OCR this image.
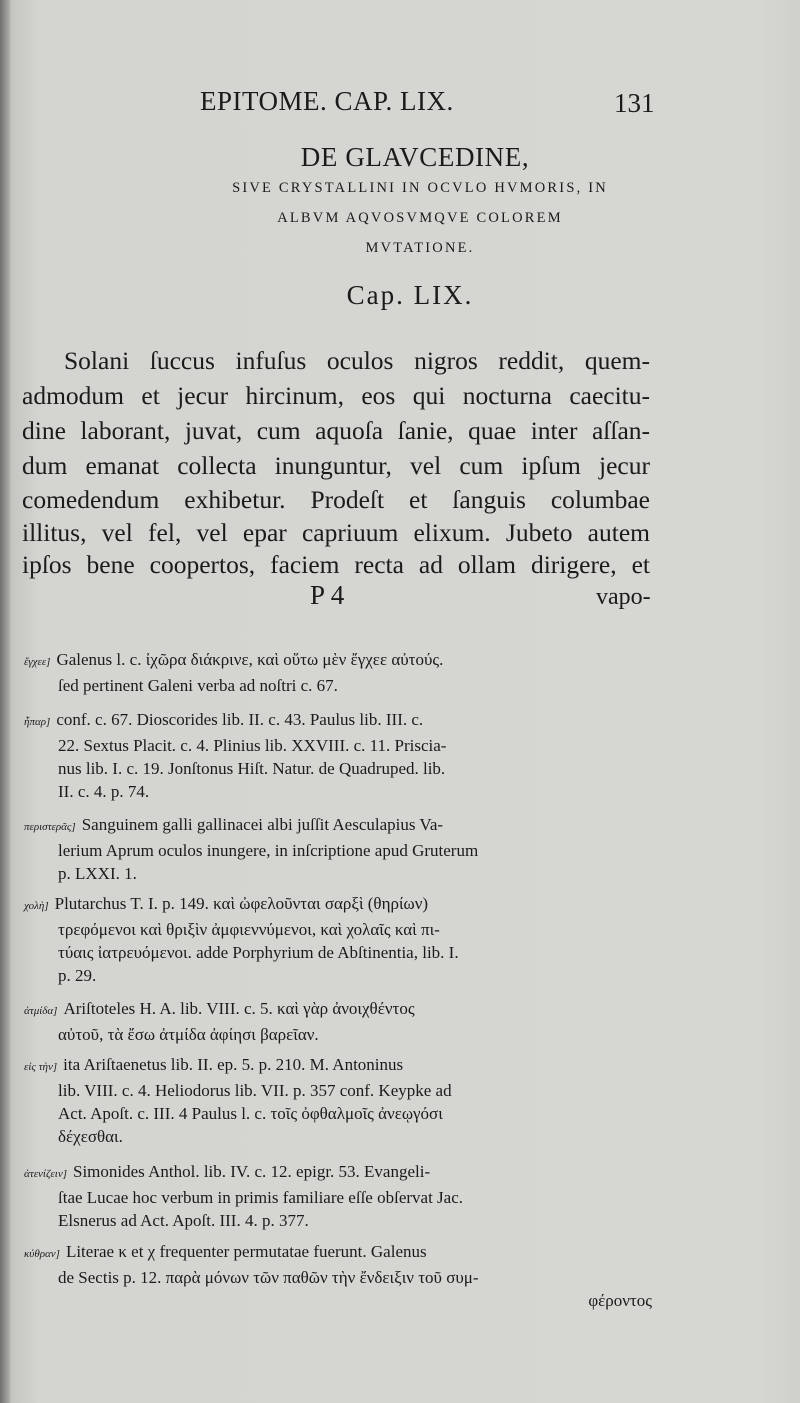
EPITOME. CAP. LIX.	131
DE GLAVCEDINE,
SIVE CRYSTALLINI IN OCVLO HVMORIS, IN
ALBVM AQVOSVMQVE COLOREM
MVTATIONE.
Cap. LIX.
Solani ſuccus infuſus oculos nigros reddit, quem-
admodum et jecur hircinum, eos qui nocturna caecitu-
dine laborant, juvat, cum aquoſa ſanie, quae inter aſſan-
dum emanat collecta inunguntur, vel cum ipſum jecur
comedendum exhibetur. Prodeſt et ſanguis columbae
illitus, vel fel, vel epar capriuum elixum. Jubeto autem
ipſos bene coopertos, faciem recta ad ollam dirigere, et
P 4	vapo-
ἔγχεε] Galenus l. c. ἰχῶρα διάκρινε, καὶ οὕτω μὲν ἔγχεε αὐτούς.
ſed pertinent Galeni verba ad noſtri c. 67.
ἧπαρ] conf. c. 67. Dioscorides lib. II. c. 43. Paulus lib. III. c.
22. Sextus Placit. c. 4. Plinius lib. XXVIII. c. 11. Priscia-
nus lib. I. c. 19. Jonſtonus Hiſt. Natur. de Quadruped. lib.
II. c. 4. p. 74.
περιστερᾶς] Sanguinem galli gallinacei albi juſſit Aesculapius Va-
lerium Aprum oculos inungere, in inſcriptione apud Gruterum
p. LXXI. 1.
χολὴ] Plutarchus T. I. p. 149. καὶ ὠφελοῦνται σαρξὶ (θηρίων)
τρεφόμενοι καὶ θριξὶν ἀμφιεννύμενοι, καὶ χολαῖς καὶ πι-
τύαις ἰατρευόμενοι. adde Porphyrium de Abſtinentia, lib. I.
p. 29.
ἀτμίδα] Ariſtoteles H. A. lib. VIII. c. 5. καὶ γὰρ ἀνοιχθέντος
αὐτοῦ, τὰ ἔσω ἀτμίδα ἀφίησι βαρεῖαν.
εἰς τὴν] ita Ariſtaenetus lib. II. ep. 5. p. 210. M. Antoninus
lib. VIII. c. 4. Heliodorus lib. VII. p. 357 conf. Keypke ad
Act. Apoſt. c. III. 4 Paulus l. c. τοῖς ὀφθαλμοῖς ἀνεῳγόσι
δέχεσθαι.
ἀτενίζειν] Simonides Anthol. lib. IV. c. 12. epigr. 53. Evangeli-
ſtae Lucae hoc verbum in primis familiare eſſe obſervat Jac.
Elsnerus ad Act. Apoſt. III. 4. p. 377.
κύθραν] Literae κ et χ frequenter permutatae fuerunt. Galenus
de Sectis p. 12. παρὰ μόνων τῶν παθῶν τὴν ἔνδειξιν τοῦ συμ-
φέροντος
